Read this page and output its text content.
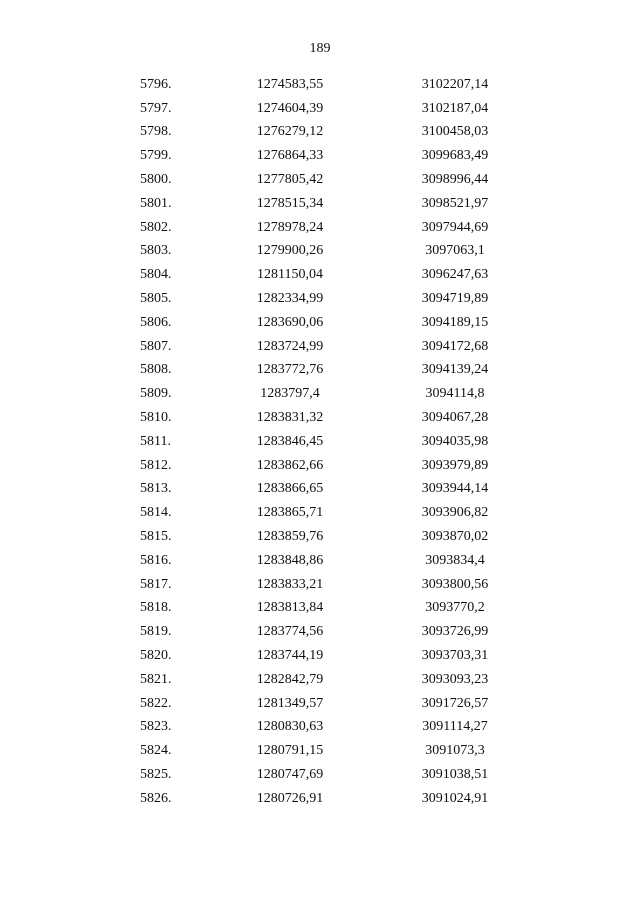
189
5796.	1274583,55	3102207,14
5797.	1274604,39	3102187,04
5798.	1276279,12	3100458,03
5799.	1276864,33	3099683,49
5800.	1277805,42	3098996,44
5801.	1278515,34	3098521,97
5802.	1278978,24	3097944,69
5803.	1279900,26	3097063,1
5804.	1281150,04	3096247,63
5805.	1282334,99	3094719,89
5806.	1283690,06	3094189,15
5807.	1283724,99	3094172,68
5808.	1283772,76	3094139,24
5809.	1283797,4	3094114,8
5810.	1283831,32	3094067,28
5811.	1283846,45	3094035,98
5812.	1283862,66	3093979,89
5813.	1283866,65	3093944,14
5814.	1283865,71	3093906,82
5815.	1283859,76	3093870,02
5816.	1283848,86	3093834,4
5817.	1283833,21	3093800,56
5818.	1283813,84	3093770,2
5819.	1283774,56	3093726,99
5820.	1283744,19	3093703,31
5821.	1282842,79	3093093,23
5822.	1281349,57	3091726,57
5823.	1280830,63	3091114,27
5824.	1280791,15	3091073,3
5825.	1280747,69	3091038,51
5826.	1280726,91	3091024,91
